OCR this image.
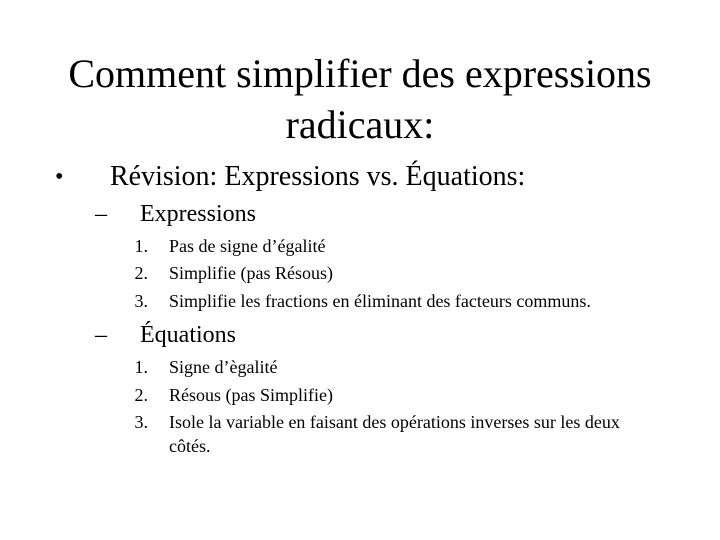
Comment simplifier des expressions radicaux:
• Révision: Expressions vs. Équations:
– Expressions
1. Pas de signe d’égalité
2. Simplifie (pas Résous)
3. Simplifie les fractions en éliminant des facteurs communs.
– Équations
1. Signe d’ègalité
2. Résous (pas Simplifie)
3. Isole la variable en faisant des opérations inverses sur les deux côtés.
